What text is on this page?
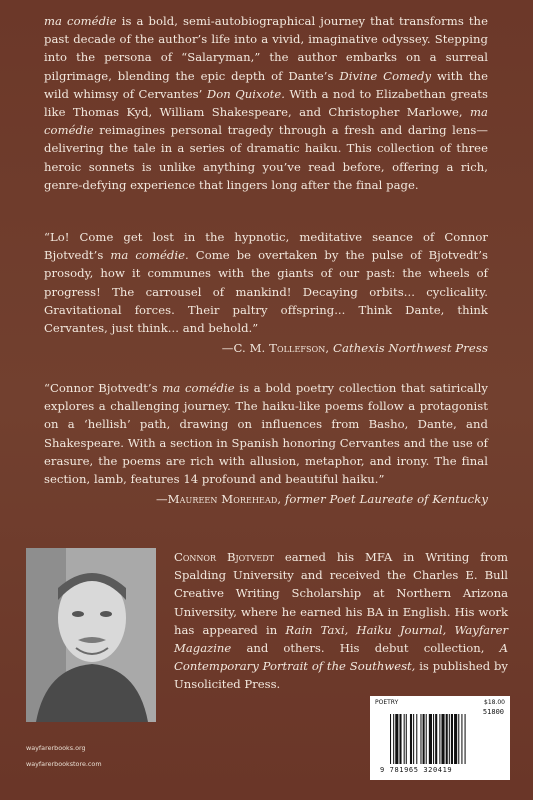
ma comédie is a bold, semi-autobiographical journey that transforms the past decade of the author’s life into a vivid, imaginative odyssey. Stepping into the persona of “Salaryman,” the author embarks on a surreal pilgrimage, blending the epic depth of Dante’s Divine Comedy with the wild whimsy of Cervantes’ Don Quixote. With a nod to Elizabethan greats like Thomas Kyd, William Shakespeare, and Christopher Marlowe, ma comédie reimagines personal tragedy through a fresh and daring lens—delivering the tale in a series of dramatic haiku. This collection of three heroic sonnets is unlike anything you’ve read before, offering a rich, genre-defying experience that lingers long after the final page.
“Lo! Come get lost in the hypnotic, meditative seance of Connor Bjotvedt’s ma comédie. Come be overtaken by the pulse of Bjotvedt’s prosody, how it communes with the giants of our past: the wheels of progress! The carrousel of mankind! Decaying orbits... cyclicality. Gravitational forces. Their paltry offspring... Think Dante, think Cervantes, just think... and behold.”
—C. M. Tollefson, Cathexis Northwest Press
“Connor Bjotvedt’s ma comédie is a bold poetry collection that satirically explores a challenging journey. The haiku-like poems follow a protagonist on a ‘hellish’ path, drawing on influences from Basho, Dante, and Shakespeare. With a section in Spanish honoring Cervantes and the use of erasure, the poems are rich with allusion, metaphor, and irony. The final section, lamb, features 14 profound and beautiful haiku.”
—Maureen Morehead, former Poet Laureate of Kentucky
Connor Bjotvedt earned his MFA in Writing from Spalding University and received the Charles E. Bull Creative Writing Scholarship at Northern Arizona University, where he earned his BA in English. His work has appeared in Rain Taxi, Haiku Journal, Wayfarer Magazine and others. His debut collection, A Contemporary Portrait of the Southwest, is published by Unsolicited Press.
POETRY	$18.00
51800
9 781965 320419
wayfarerbooks.org
wayfarerbookstore.com
